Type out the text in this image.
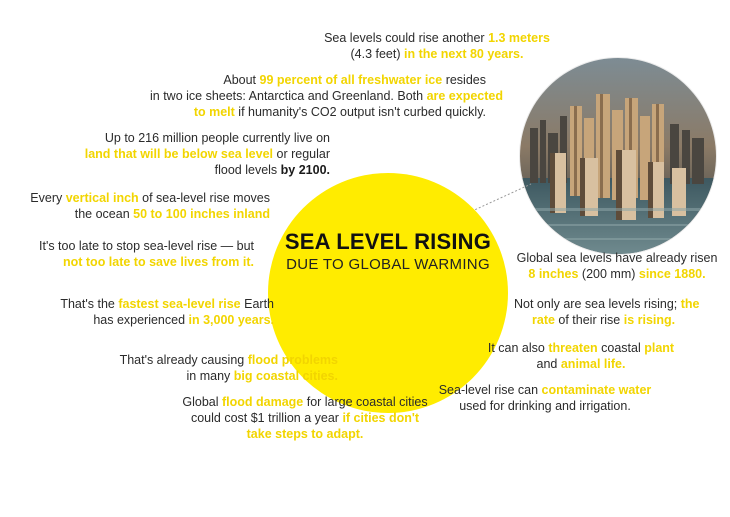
SEA LEVEL RISING
DUE TO GLOBAL WARMING
Sea levels could rise another 1.3 meters
(4.3 feet) in the next 80 years.
About 99 percent of all freshwater ice resides
in two ice sheets: Antarctica and Greenland. Both are expected
to melt if humanity's CO2 output isn't curbed quickly.
Up to 216 million people currently live on
land that will be below sea level or regular
flood levels by 2100.
Every vertical inch of sea-level rise moves
the ocean 50 to 100 inches inland
It's too late to stop sea-level rise — but
not too late to save lives from it.
That's the fastest sea-level rise Earth
has experienced in 3,000 years.
That's already causing flood problems
in many big coastal cities.
Global flood damage for large coastal cities
could cost $1 trillion a year if cities don't
take steps to adapt.
Global sea levels have already risen
8 inches (200 mm) since 1880.
Not only are sea levels rising; the
rate of their rise is rising.
It can also threaten coastal plant
and animal life.
Sea-level rise can contaminate water
used for drinking and irrigation.
